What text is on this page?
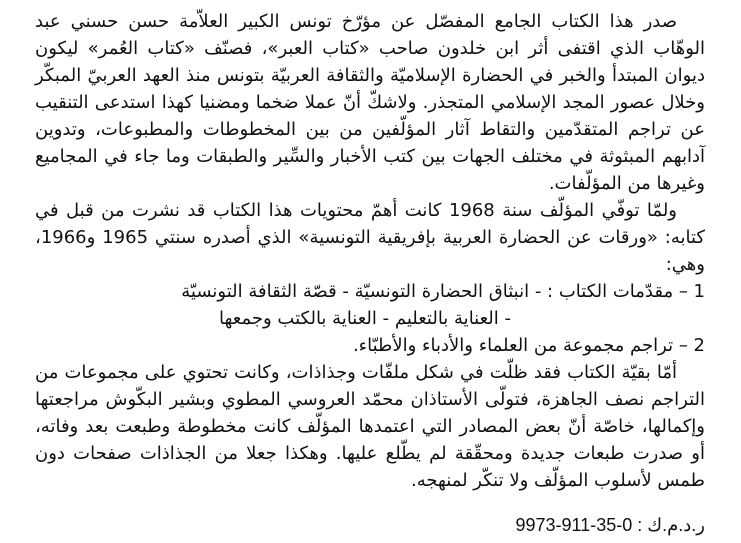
صدر هذا الكتاب الجامع المفصّل عن مؤرّخ تونس الكبير العلاّمة حسن حسني عبد الوهّاب الذي اقتفى أثر ابن خلدون صاحب «كتاب العبر»، فصنّف «كتاب العُمر» ليكون ديوان المبتدأ والخبر في الحضارة الإسلاميّة والثقافة العربيّة بتونس منذ العهد العربيّ المبكّر وخلال عصور المجد الإسلامي المتجذر. ولاشكّ أنّ عملا ضخما ومضنيا كهذا استدعى التنقيب عن تراجم المتقدّمين والتقاط آثار المؤلّفين من بين المخطوطات والمطبوعات، وتدوين آدابهم المبثوثة في مختلف الجهات بين كتب الأخبار والسِّير والطبقات وما جاء في المجاميع وغيرها من المؤلّفات.

ولمّا توفّي المؤلّف سنة 1968 كانت أهمّ محتويات هذا الكتاب قد نشرت من قبل في كتابه: «ورقات عن الحضارة العربية بإفريقية التونسية» الذي أصدره سنتي 1965 و1966، وهي:

1 – مقدّمات الكتاب : - انبثاق الحضارة التونسيّة - قصّة الثقافة التونسيّة

- العناية بالتعليم - العناية بالكتب وجمعها

2 – تراجم مجموعة من العلماء والأدباء والأطبّاء.

أمّا بقيّة الكتاب فقد ظلّت في شكل ملفّات وجذاذات، وكانت تحتوي على مجموعات من التراجم نصف الجاهزة، فتولّى الأستاذان محمّد العروسي المطوي وبشير البكّوش مراجعتها وإكمالها، خاصّة أنّ بعض المصادر التي اعتمدها المؤلّف كانت مخطوطة وطبعت بعد وفاته، أو صدرت طبعات جديدة ومحقّقة لم يطّلع عليها. وهكذا جعلا من الجذاذات صفحات دون طمس لأسلوب المؤلّف ولا تنكّر لمنهجه.

ر.د.م.ك : 0-35-911-9973
